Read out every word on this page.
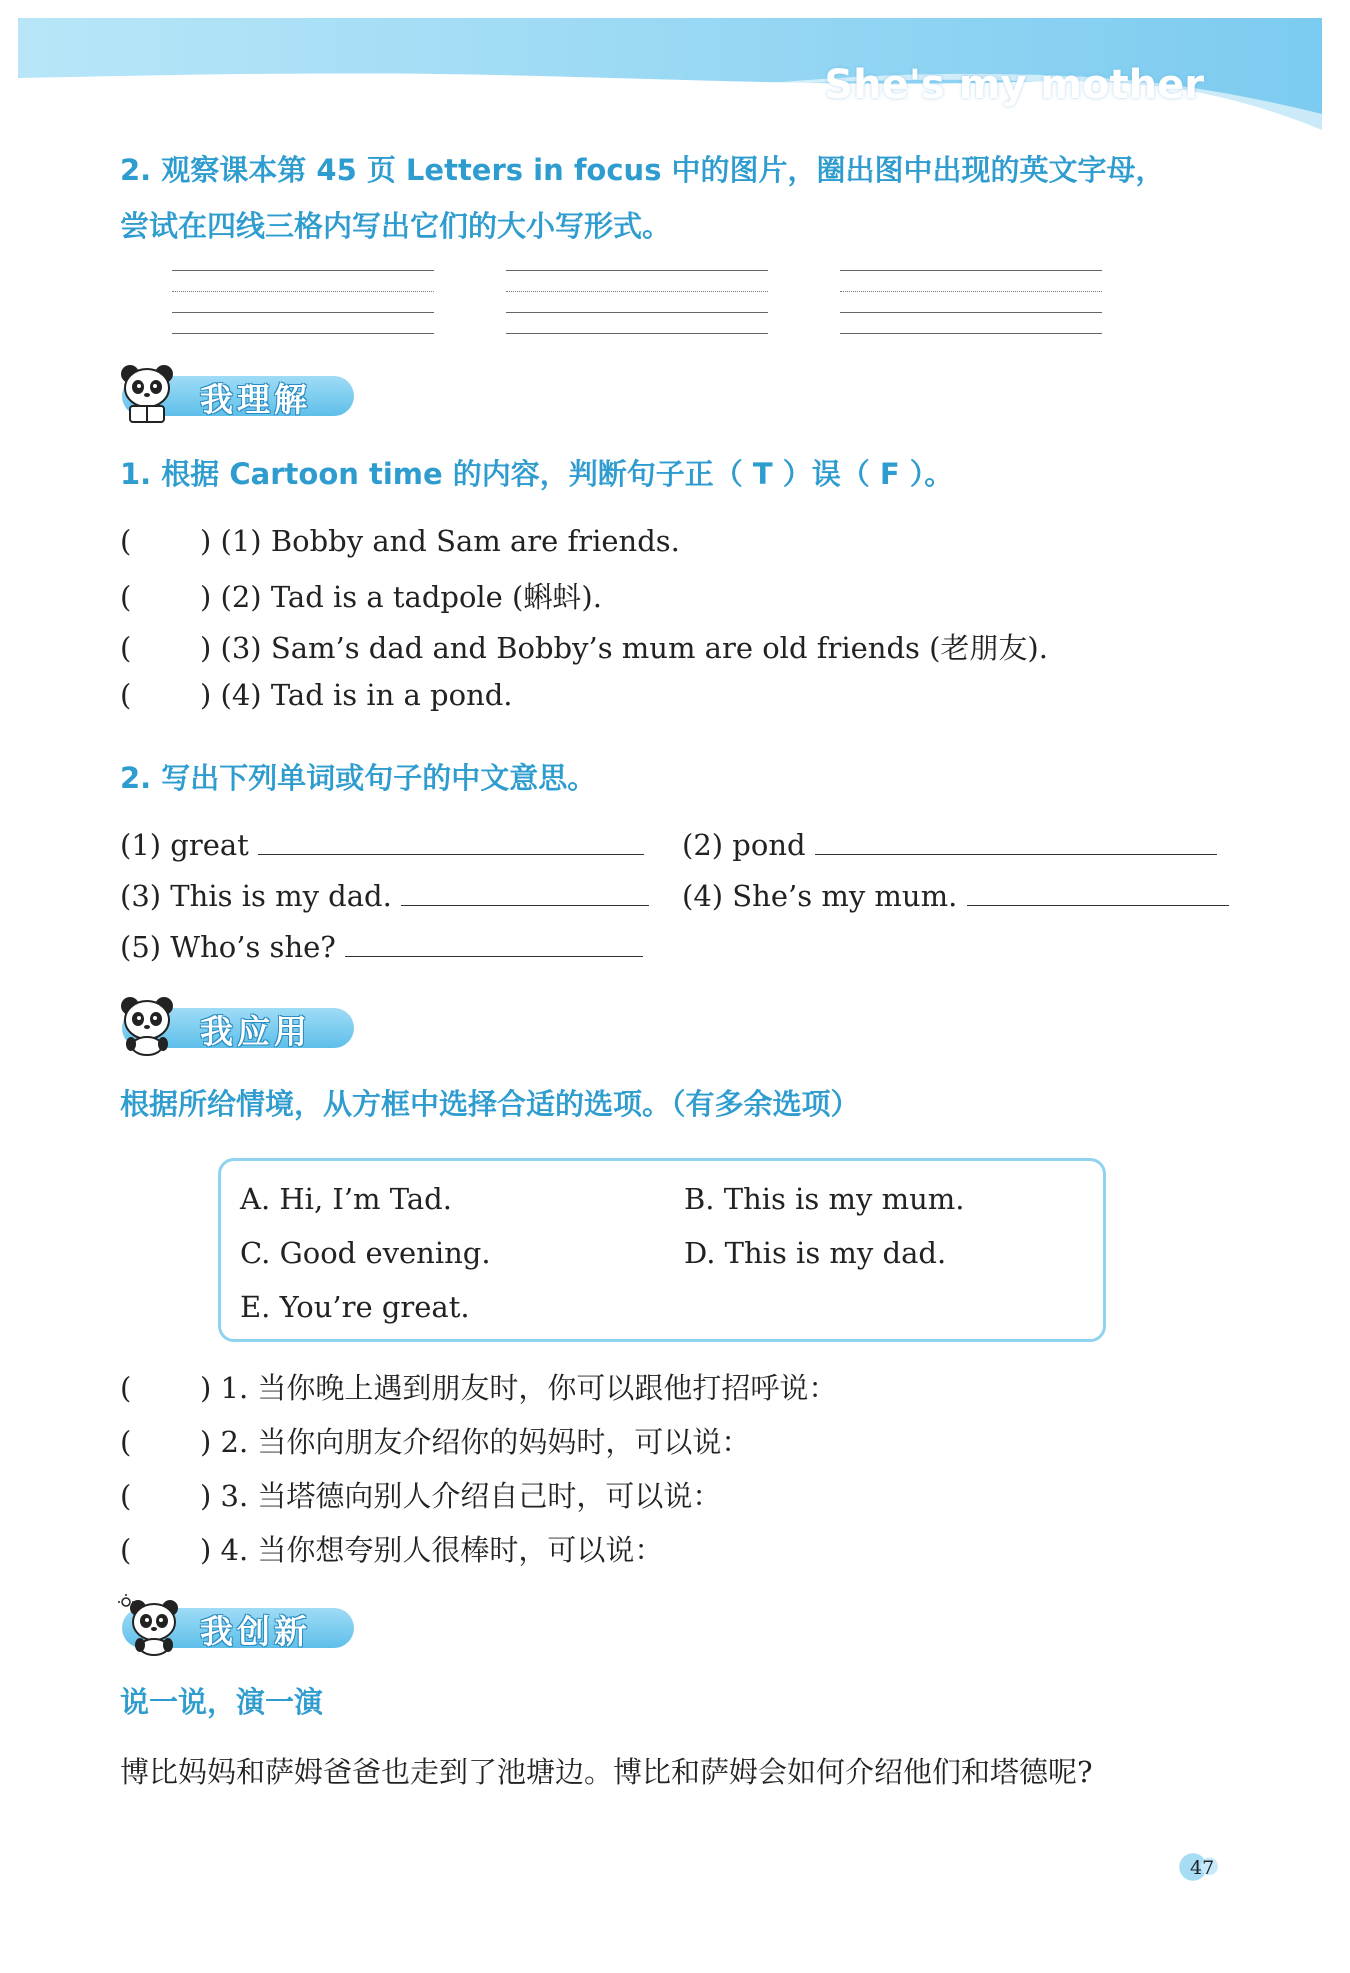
She's my mother
2. 观察课本第 45 页 Letters in focus 中的图片，圈出图中出现的英文字母，
尝试在四线三格内写出它们的大小写形式。
我理解
1. 根据 Cartoon time 的内容，判断句子正（ T ）误（ F ）。
( ) (1) Bobby and Sam are friends.
( ) (2) Tad is a tadpole (蝌蚪).
( ) (3) Sam’s dad and Bobby’s mum are old friends (老朋友).
( ) (4) Tad is in a pond.
2. 写出下列单词或句子的中文意思。
(1) great	(2) pond
(3) This is my dad.	(4) She’s my mum.
(5) Who’s she?
我应用
根据所给情境，从方框中选择合适的选项。（有多余选项）
A. Hi, I’m Tad.	B. This is my mum.
C. Good evening.	D. This is my dad.
E. You’re great.
( ) 1. 当你晚上遇到朋友时，你可以跟他打招呼说：
( ) 2. 当你向朋友介绍你的妈妈时，可以说：
( ) 3. 当塔德向别人介绍自己时，可以说：
( ) 4. 当你想夸别人很棒时，可以说：
我创新
说一说，演一演
博比妈妈和萨姆爸爸也走到了池塘边。博比和萨姆会如何介绍他们和塔德呢?
47
